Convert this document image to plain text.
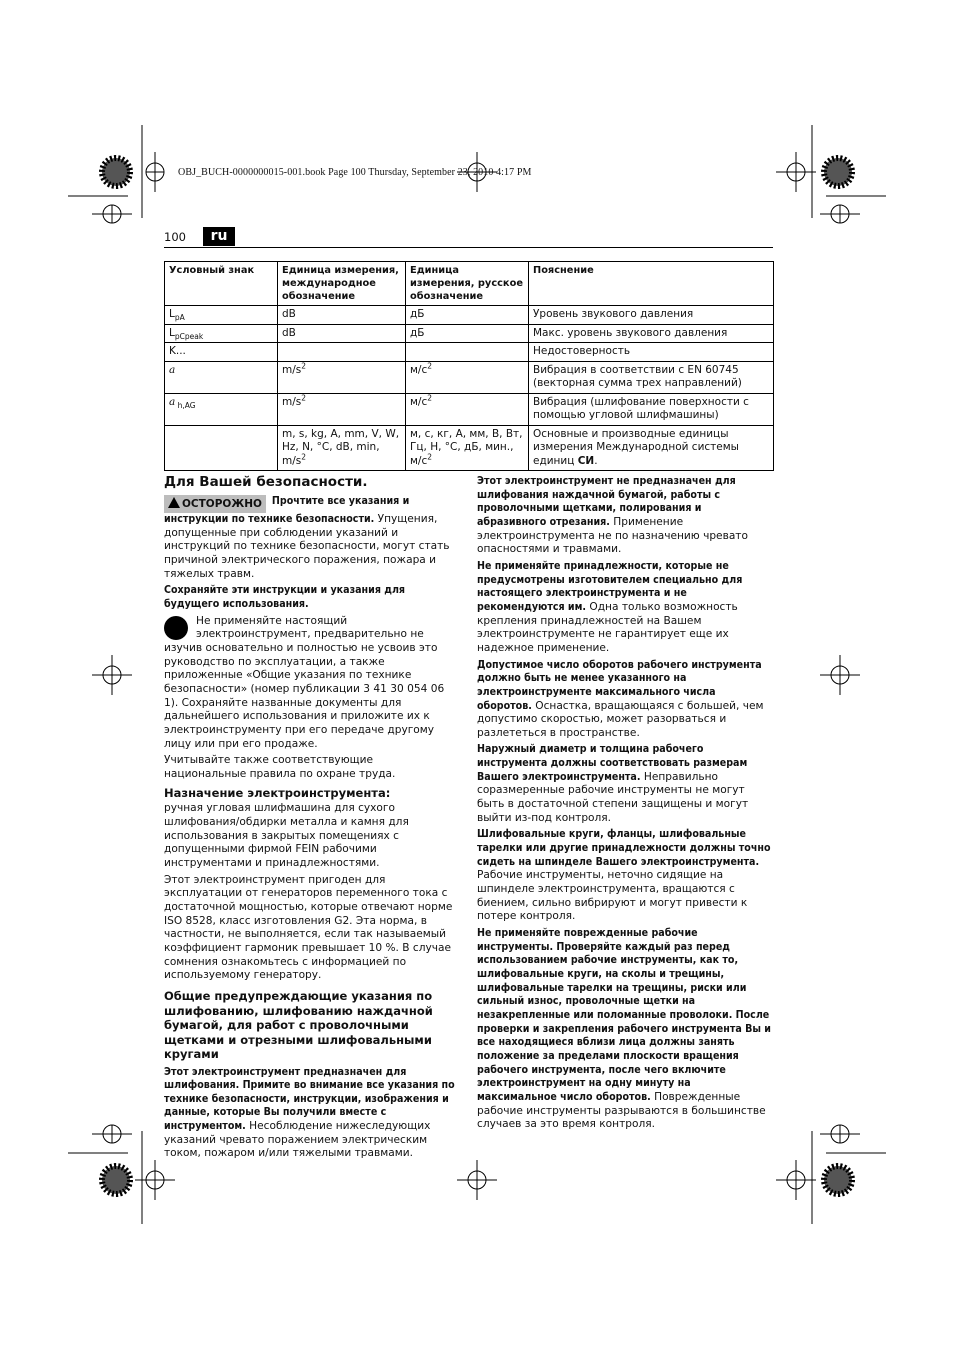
OBJ_BUCH-0000000015-001.book Page 100 Thursday, September 23, 2010 4:17 PM
100	ru
Условный знак	Единица измерения, международное обозначение	Единица измерения, русское обозначение	Пояснение
$L_{pA}$	dB	дБ	Уровень звукового давления
$L_{pCpeak}$	dB	дБ	Макс. уровень звукового давления
K...			Недостоверность
a	$m/s^2$	$м/с^2$	Вибрация в соответствии с EN 60745 (векторная сумма трех направлений)
a $_{h,AG}$	$m/s^2$	$м/с^2$	Вибрация (шлифование поверхности с помощью угловой шлифмашины)
	m, s, kg, A, mm, V, W, Hz, N, °C, dB, min, $m/s^2$	м, с, кг, А, мм, В, Вт, Гц, Н, °C, дБ, мин., $м/с^2$	Основные и производные единицы измерения Международной системы единиц СИ.
Для Вашей безопасности.

ОСТОРОЖНО Прочтите все указания и инструкции по технике безопасности. Упущения, допущенные при соблюдении указаний и инструкций по технике безопасности, могут стать причиной электрического поражения, пожара и тяжелых травм.

Сохраняйте эти инструкции и указания для будущего использования.

Не применяйте настоящий электроинструмент, предварительно не изучив основательно и полностью не усвоив это руководство по эксплуатации, а также приложенные «Общие указания по технике безопасности» (номер публикации 3 41 30 054 06 1). Сохраняйте названные документы для дальнейшего использования и приложите их к электроинструменту при его передаче другому лицу или при его продаже.

Учитывайте также соответствующие национальные правила по охране труда.

Назначение электроинструмента:

ручная угловая шлифмашина для сухого шлифования/обдирки металла и камня для использования в закрытых помещениях с допущенными фирмой FEIN рабочими инструментами и принадлежностями.

Этот электроинструмент пригоден для эксплуатации от генераторов переменного тока с достаточной мощностью, которые отвечают норме ISO 8528, класс изготовления G2. Эта норма, в частности, не выполняется, если так называемый коэффициент гармоник превышает 10 %. В случае сомнения ознакомьтесь с информацией по используемому генератору.

Общие предупреждающие указания по шлифованию, шлифованию наждачной бумагой, для работ с проволочными щетками и отрезными шлифовальными кругами

Этот электроинструмент предназначен для шлифования. Примите во внимание все указания по технике безопасности, инструкции, изображения и данные, которые Вы получили вместе с инструментом. Несоблюдение нижеследующих указаний чревато поражением электрическим током, пожаром и/или тяжелыми травмами.

Этот электроинструмент не предназначен для шлифования наждачной бумагой, работы с проволочными щетками, полирования и абразивного отрезания. Применение электроинструмента не по назначению чревато опасностями и травмами.

Не применяйте принадлежности, которые не предусмотрены изготовителем специально для настоящего электроинструмента и не рекомендуются им. Одна только возможность крепления принадлежностей на Вашем электроинструменте не гарантирует еще их надежное применение.

Допустимое число оборотов рабочего инструмента должно быть не менее указанного на электроинструменте максимального числа оборотов. Оснастка, вращающаяся с большей, чем допустимо скоростью, может разорваться и разлететься в пространстве.

Наружный диаметр и толщина рабочего инструмента должны соответствовать размерам Вашего электроинструмента. Неправильно соразмеренные рабочие инструменты не могут быть в достаточной степени защищены и могут выйти из-под контроля.

Шлифовальные круги, фланцы, шлифовальные тарелки или другие принадлежности должны точно сидеть на шпинделе Вашего электроинструмента. Рабочие инструменты, неточно сидящие на шпинделе электроинструмента, вращаются с биением, сильно вибрируют и могут привести к потере контроля.

Не применяйте поврежденные рабочие инструменты. Проверяйте каждый раз перед использованием рабочие инструменты, как то, шлифовальные круги, на сколы и трещины, шлифовальные тарелки на трещины, риски или сильный износ, проволочные щетки на незакрепленные или поломанные проволоки. После проверки и закрепления рабочего инструмента Вы и все находящиеся вблизи лица должны занять положение за пределами плоскости вращения рабочего инструмента, после чего включите электроинструмент на одну минуту на максимальное число оборотов. Поврежденные рабочие инструменты разрываются в большинстве случаев за это время контроля.
